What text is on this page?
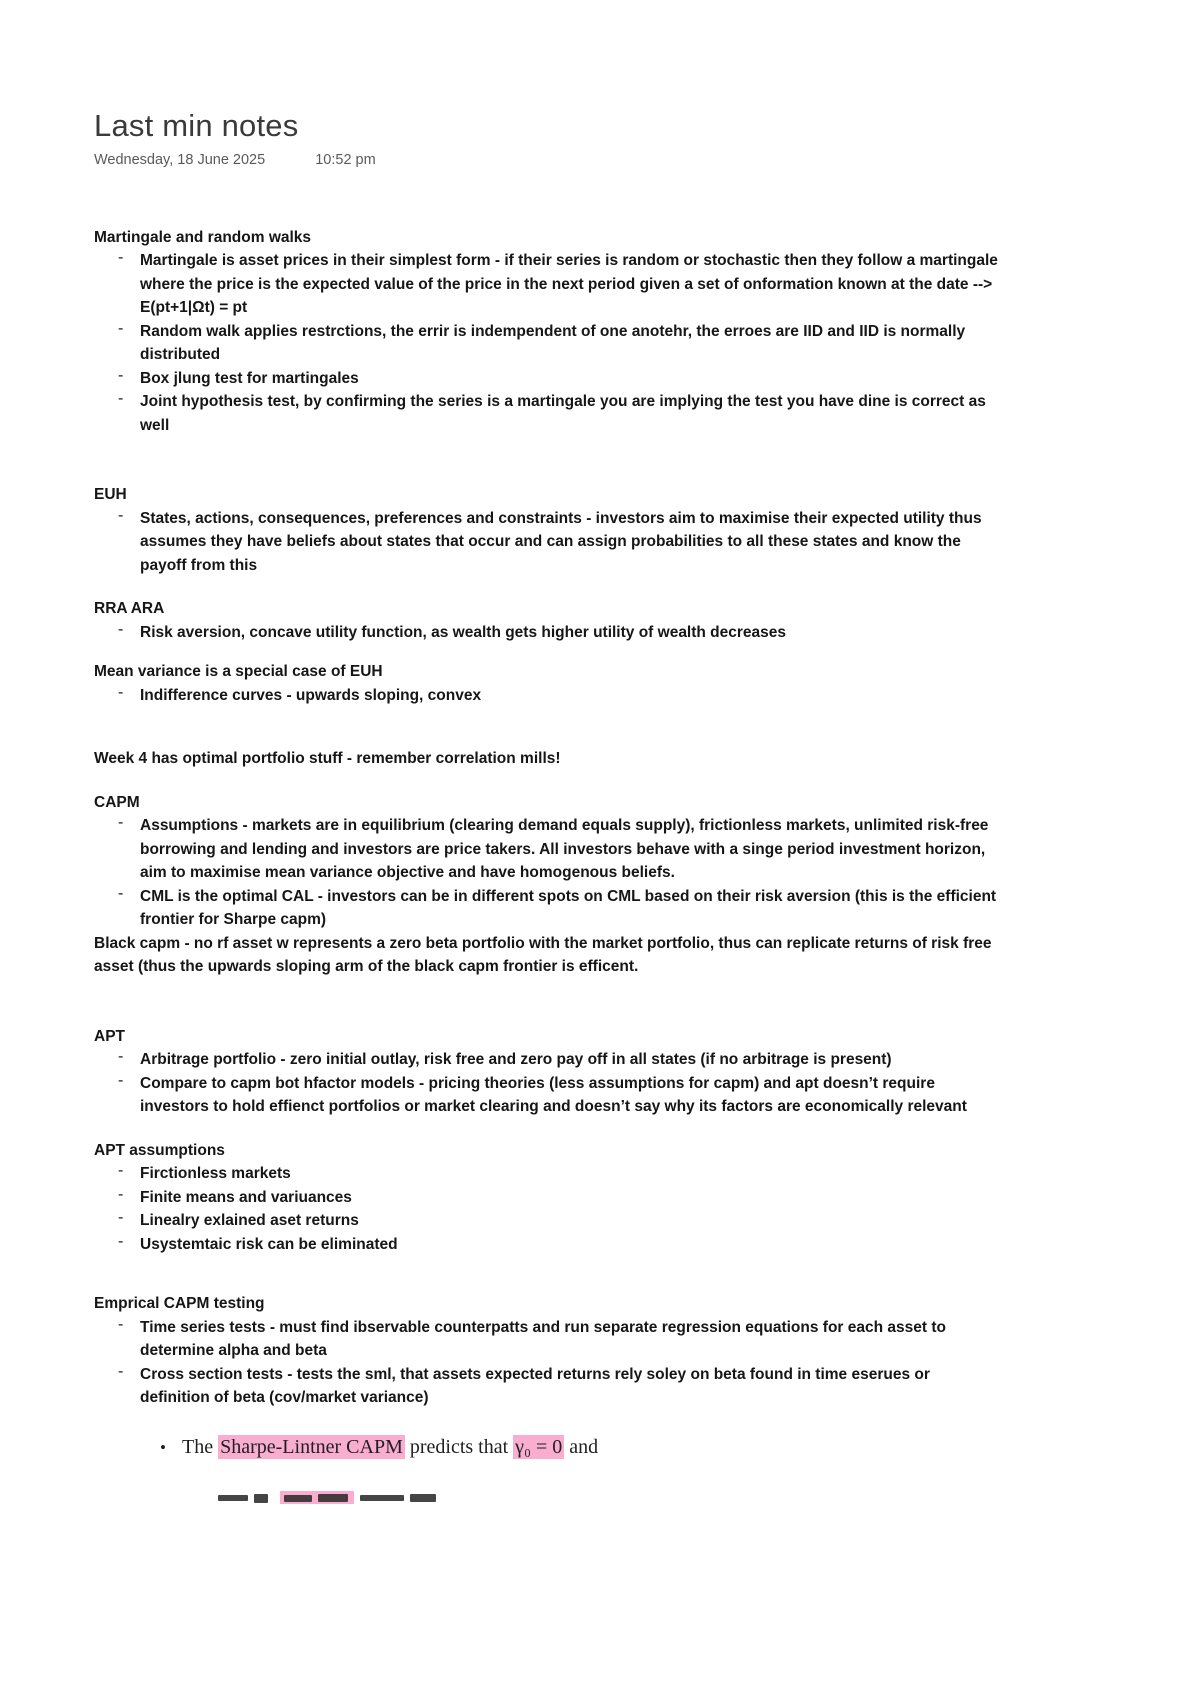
Last min notes
Wednesday, 18 June 2025	10:52 pm
Martingale and random walks
-	Martingale is asset prices in their simplest form - if their series is random or stochastic then they follow a martingale where the price is the expected value of the price in the next period given a set of onformation known at the date --> E(pt+1|Ωt) = pt
-	Random walk applies restrctions, the errir is indempendent of one anotehr, the erroes are IID and IID is normally distributed
-	Box jlung test for martingales
-	Joint hypothesis test, by confirming the series is a martingale you are implying the test you have dine is correct as well
EUH
-	States, actions, consequences, preferences and constraints - investors aim to maximise their expected utility thus assumes they have beliefs about states that occur and can assign probabilities to all these states and know the payoff from this
RRA ARA
-	Risk aversion, concave utility function, as wealth gets higher utility of wealth decreases
Mean variance is a special case of EUH
-	Indifference curves - upwards sloping, convex
Week 4 has optimal portfolio stuff - remember correlation mills!
CAPM
-	Assumptions - markets are in equilibrium (clearing demand equals supply), frictionless markets, unlimited risk-free borrowing and lending and investors are price takers. All investors behave with a singe period investment horizon, aim to maximise mean variance objective and have homogenous beliefs.
-	CML is the optimal CAL - investors can be in different spots on CML based on their risk aversion (this is the efficient frontier for Sharpe capm)
Black capm - no rf asset w represents a zero beta portfolio with the market portfolio, thus can replicate returns of risk free asset (thus the upwards sloping arm of the black capm frontier is efficent.
APT
-	Arbitrage portfolio - zero initial outlay, risk free and zero pay off in all states (if no arbitrage is present)
-	Compare to capm bot hfactor models - pricing theories (less assumptions for capm) and apt doesn’t require investors to hold effienct portfolios or market clearing and doesn’t say why its factors are economically relevant
APT assumptions
-	Firctionless markets
-	Finite means and variuances
-	Linealry exlained aset returns
-	Usystemtaic risk can be eliminated
Emprical CAPM testing
-	Time series tests - must find ibservable counterpatts and run separate regression equations for each asset to determine alpha and beta
-	Cross section tests - tests the sml, that assets expected returns rely soley on beta found in time eserues or definition of beta (cov/market variance)
• The Sharpe-Lintner CAPM predicts that γ₀ = 0 and
